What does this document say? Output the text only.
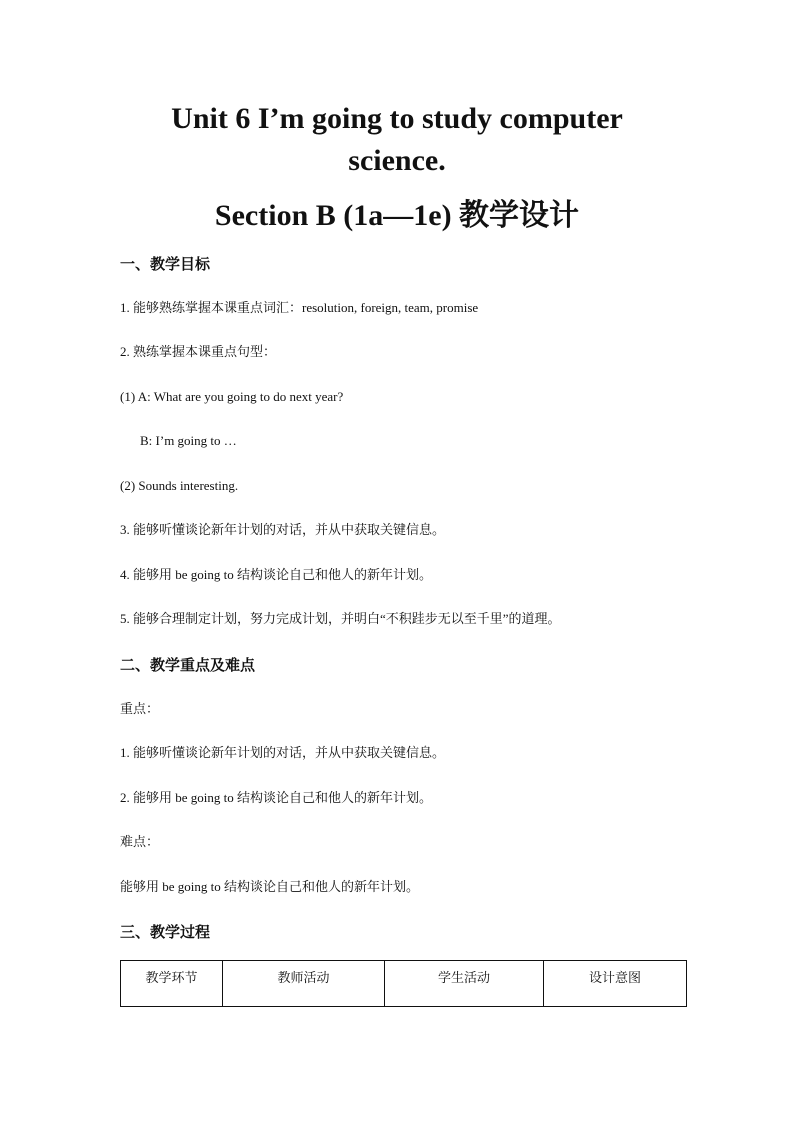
Unit 6 I’m going to study computer
science.
Section B (1a—1e) 教学设计
一、教学目标

1. 能够熟练掌握本课重点词汇：resolution, foreign, team, promise

2. 熟练掌握本课重点句型：

(1) A: What are you going to do next year?

B: I’m going to …

(2) Sounds interesting.

3. 能够听懂谈论新年计划的对话，并从中获取关键信息。

4. 能够用 be going to 结构谈论自己和他人的新年计划。

5. 能够合理制定计划，努力完成计划，并明白“不积跬步无以至千里”的道理。

二、教学重点及难点

重点：

1. 能够听懂谈论新年计划的对话，并从中获取关键信息。

2. 能够用 be going to 结构谈论自己和他人的新年计划。

难点：

能够用 be going to 结构谈论自己和他人的新年计划。

三、教学过程
教学环节	教师活动	学生活动	设计意图
